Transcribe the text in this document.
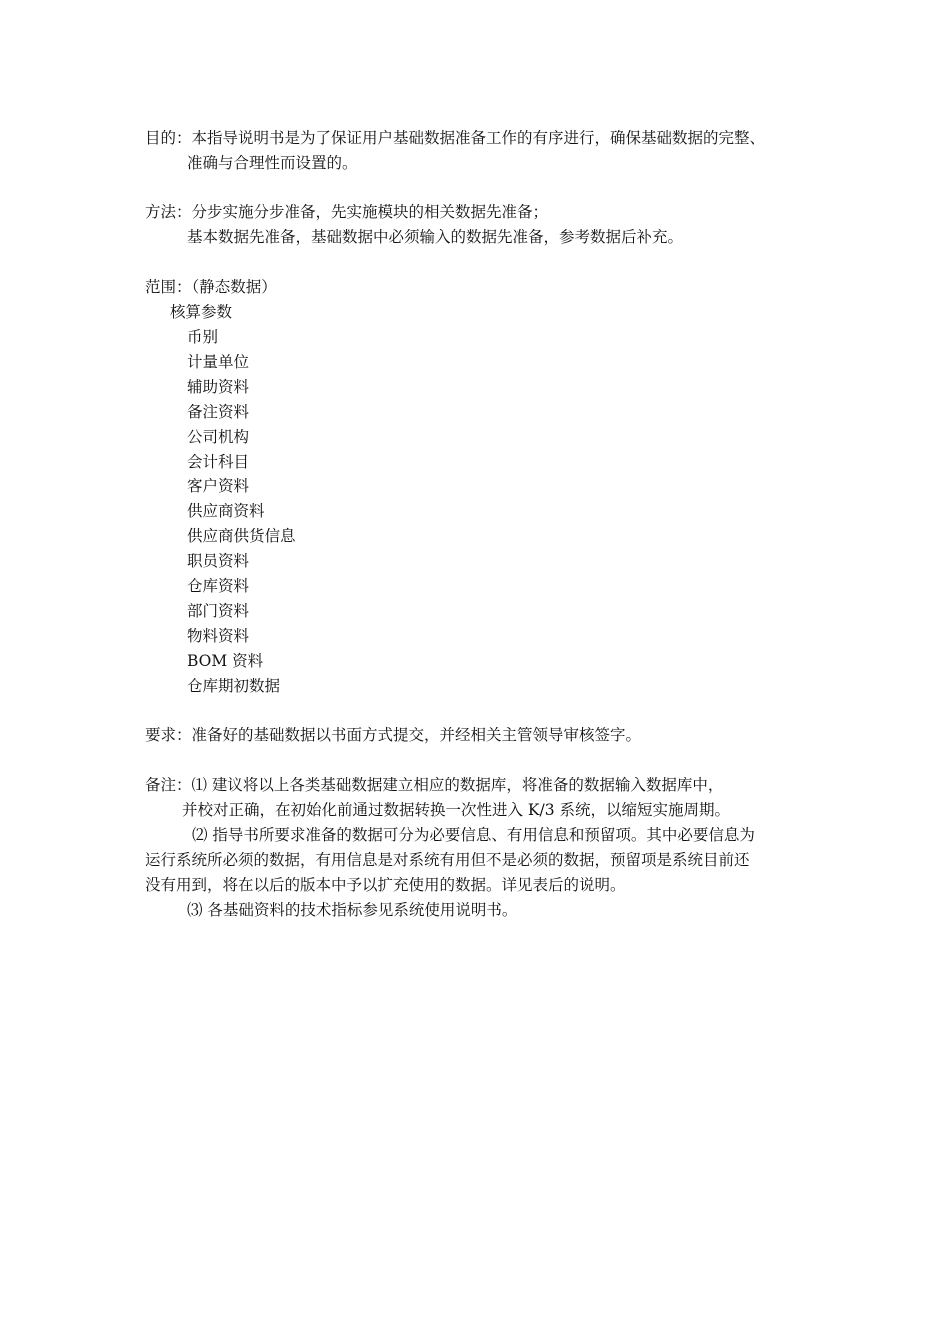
目的：本指导说明书是为了保证用户基础数据准备工作的有序进行，确保基础数据的完整、
准确与合理性而设置的。
方法：分步实施分步准备，先实施模块的相关数据先准备；
基本数据先准备，基础数据中必须输入的数据先准备，参考数据后补充。
范围：（静态数据）
核算参数
币别
计量单位
辅助资料
备注资料
公司机构
会计科目
客户资料
供应商资料
供应商供货信息
职员资料
仓库资料
部门资料
物料资料
BOM 资料
仓库期初数据
要求：准备好的基础数据以书面方式提交，并经相关主管领导审核签字。
备注：⑴ 建议将以上各类基础数据建立相应的数据库，将准备的数据输入数据库中，
并校对正确，在初始化前通过数据转换一次性进入 K/3 系统，以缩短实施周期。
⑵ 指导书所要求准备的数据可分为必要信息、有用信息和预留项。其中必要信息为
运行系统所必须的数据，有用信息是对系统有用但不是必须的数据，预留项是系统目前还
没有用到，将在以后的版本中予以扩充使用的数据。详见表后的说明。
⑶ 各基础资料的技术指标参见系统使用说明书。
